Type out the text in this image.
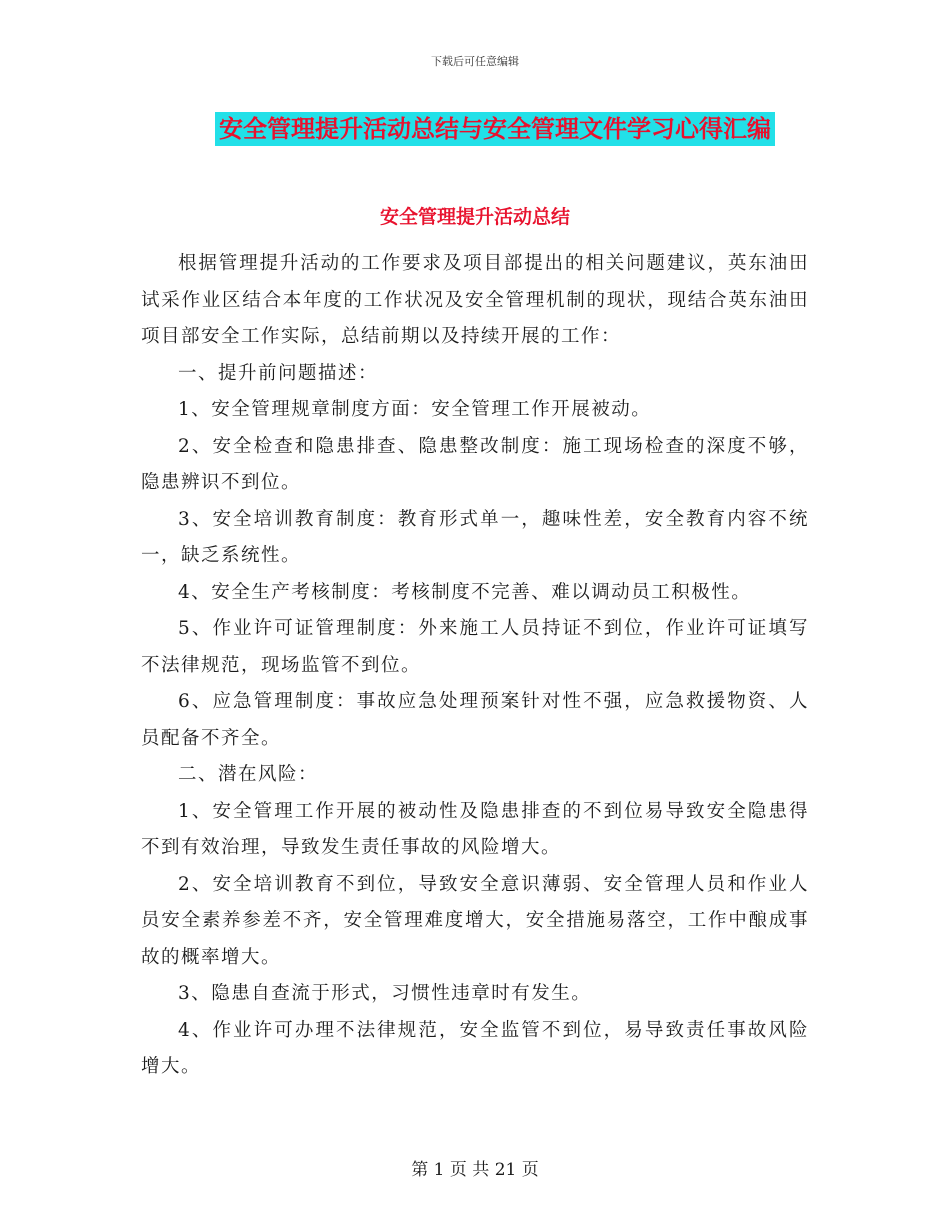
下载后可任意编辑
安全管理提升活动总结与安全管理文件学习心得汇编
安全管理提升活动总结

根据管理提升活动的工作要求及项目部提出的相关问题建议，英东油田试采作业区结合本年度的工作状况及安全管理机制的现状，现结合英东油田项目部安全工作实际，总结前期以及持续开展的工作：

一、提升前问题描述：

1、安全管理规章制度方面：安全管理工作开展被动。

2、安全检查和隐患排查、隐患整改制度：施工现场检查的深度不够，隐患辨识不到位。

3、安全培训教育制度：教育形式单一，趣味性差，安全教育内容不统一，缺乏系统性。

4、安全生产考核制度：考核制度不完善、难以调动员工积极性。

5、作业许可证管理制度：外来施工人员持证不到位，作业许可证填写不法律规范，现场监管不到位。

6、应急管理制度：事故应急处理预案针对性不强，应急救援物资、人员配备不齐全。

二、潜在风险：

1、安全管理工作开展的被动性及隐患排查的不到位易导致安全隐患得不到有效治理，导致发生责任事故的风险增大。

2、安全培训教育不到位，导致安全意识薄弱、安全管理人员和作业人员安全素养参差不齐，安全管理难度增大，安全措施易落空，工作中酿成事故的概率增大。

3、隐患自查流于形式，习惯性违章时有发生。

4、作业许可办理不法律规范，安全监管不到位，易导致责任事故风险增大。

第 1 页 共 21 页
